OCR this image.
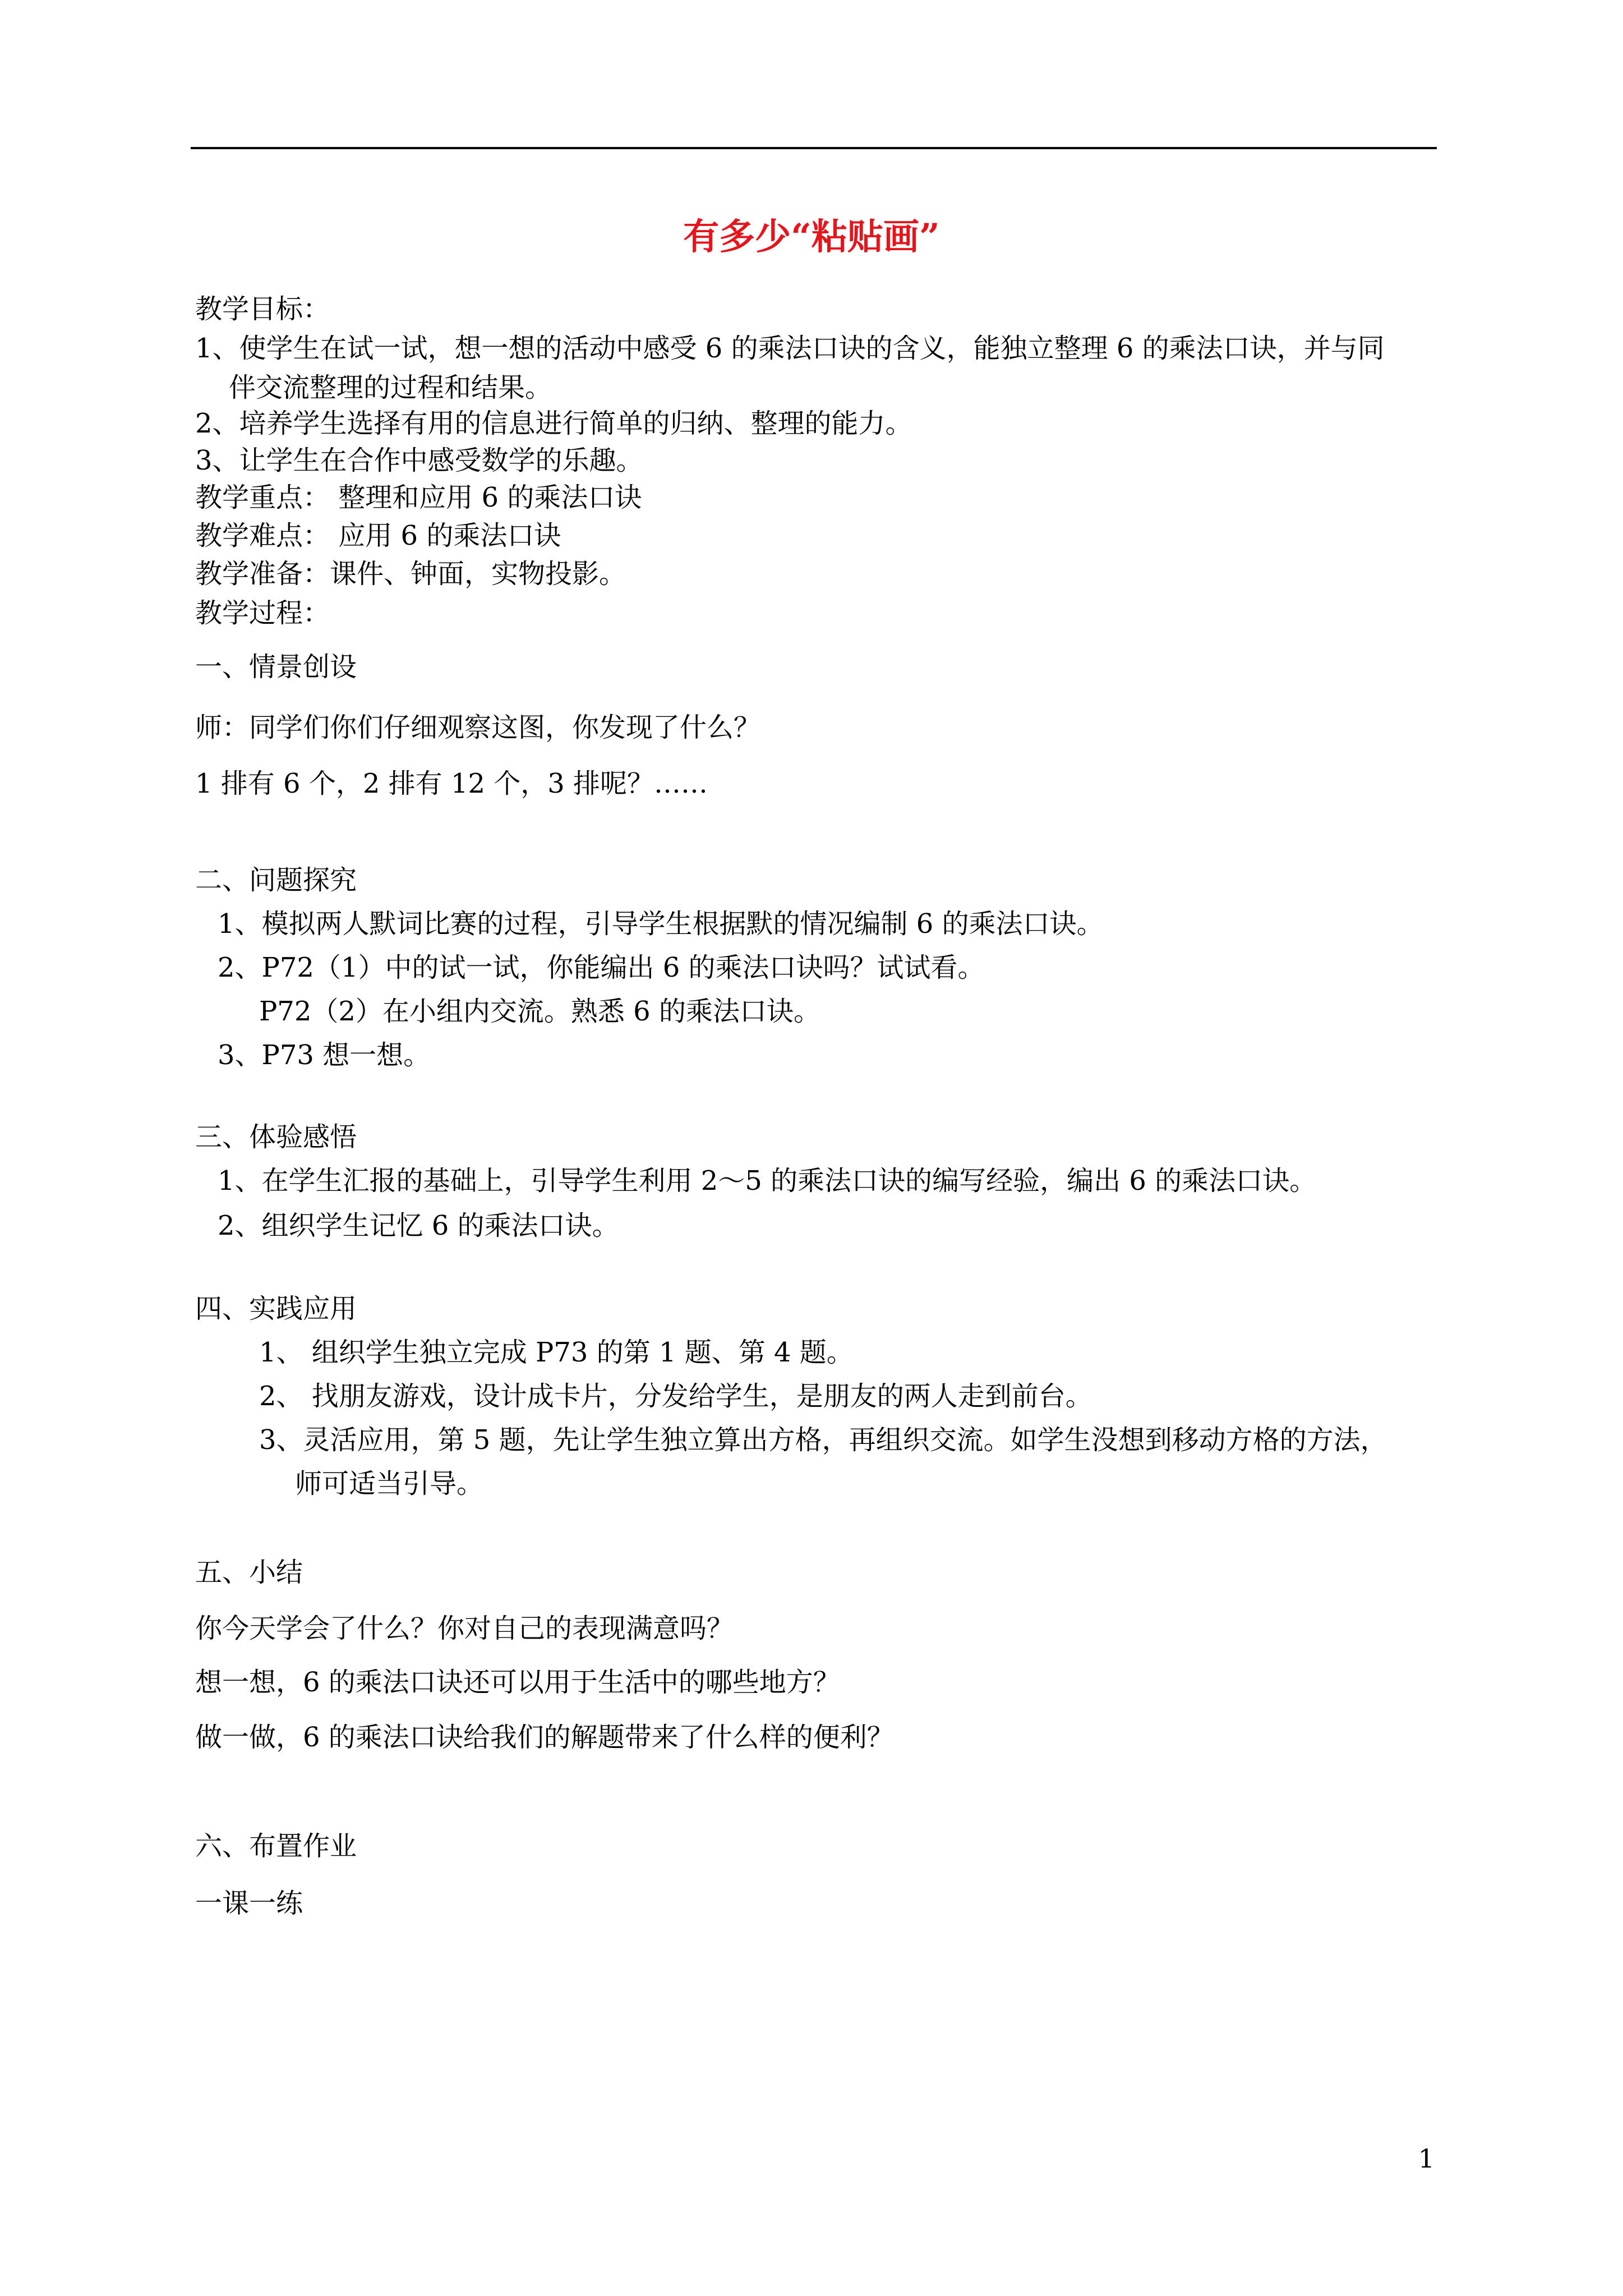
有多少“粘贴画”
教学目标：
1、使学生在试一试，想一想的活动中感受 6 的乘法口诀的含义，能独立整理 6 的乘法口诀，并与同
伴交流整理的过程和结果。
2、培养学生选择有用的信息进行简单的归纳、整理的能力。
3、让学生在合作中感受数学的乐趣。
教学重点： 整理和应用 6 的乘法口诀
教学难点： 应用 6 的乘法口诀
教学准备：课件、钟面，实物投影。
教学过程：
一、情景创设
师：同学们你们仔细观察这图，你发现了什么？
1 排有 6 个，2 排有 12 个，3 排呢？……
二、问题探究
1、模拟两人默词比赛的过程，引导学生根据默的情况编制 6 的乘法口诀。
2、P72（1）中的试一试，你能编出 6 的乘法口诀吗？试试看。
P72（2）在小组内交流。熟悉 6 的乘法口诀。
3、P73 想一想。
三、体验感悟
1、在学生汇报的基础上，引导学生利用 2～5 的乘法口诀的编写经验，编出 6 的乘法口诀。
2、组织学生记忆 6 的乘法口诀。
四、实践应用
1、 组织学生独立完成 P73 的第 1 题、第 4 题。
2、 找朋友游戏，设计成卡片，分发给学生，是朋友的两人走到前台。
3、灵活应用，第 5 题，先让学生独立算出方格，再组织交流。如学生没想到移动方格的方法，
师可适当引导。
五、小结
你今天学会了什么？你对自己的表现满意吗？
想一想，6 的乘法口诀还可以用于生活中的哪些地方？
做一做，6 的乘法口诀给我们的解题带来了什么样的便利？
六、布置作业
一课一练
1
